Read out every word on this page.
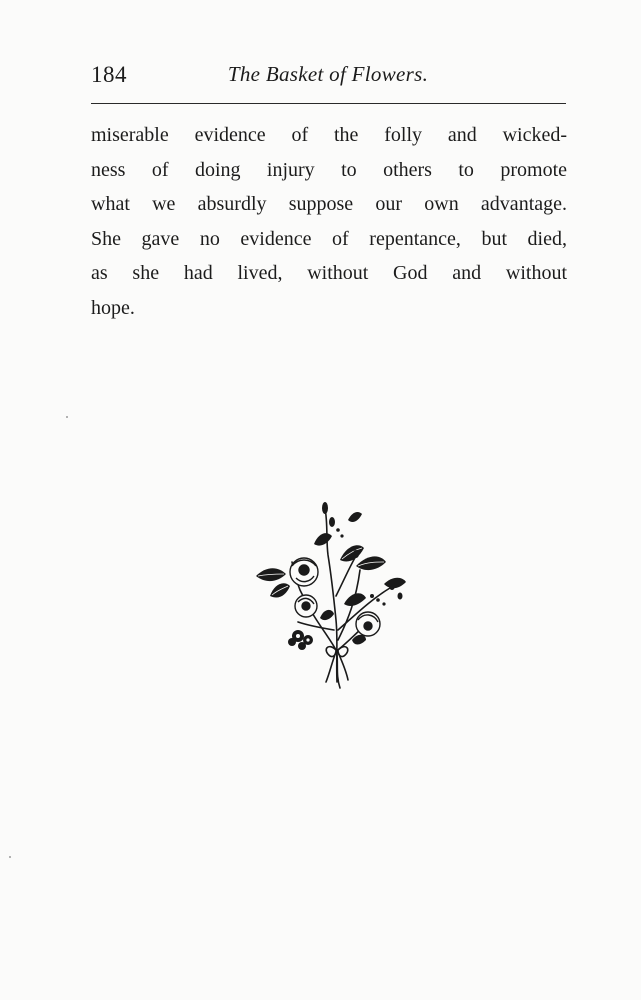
184	The Basket of Flowers.

miserable evidence of the folly and wicked-
ness of doing injury to others to promote
what we absurdly suppose our own advantage.
She gave no evidence of repentance, but died,
as she had lived, without God and without
hope.
